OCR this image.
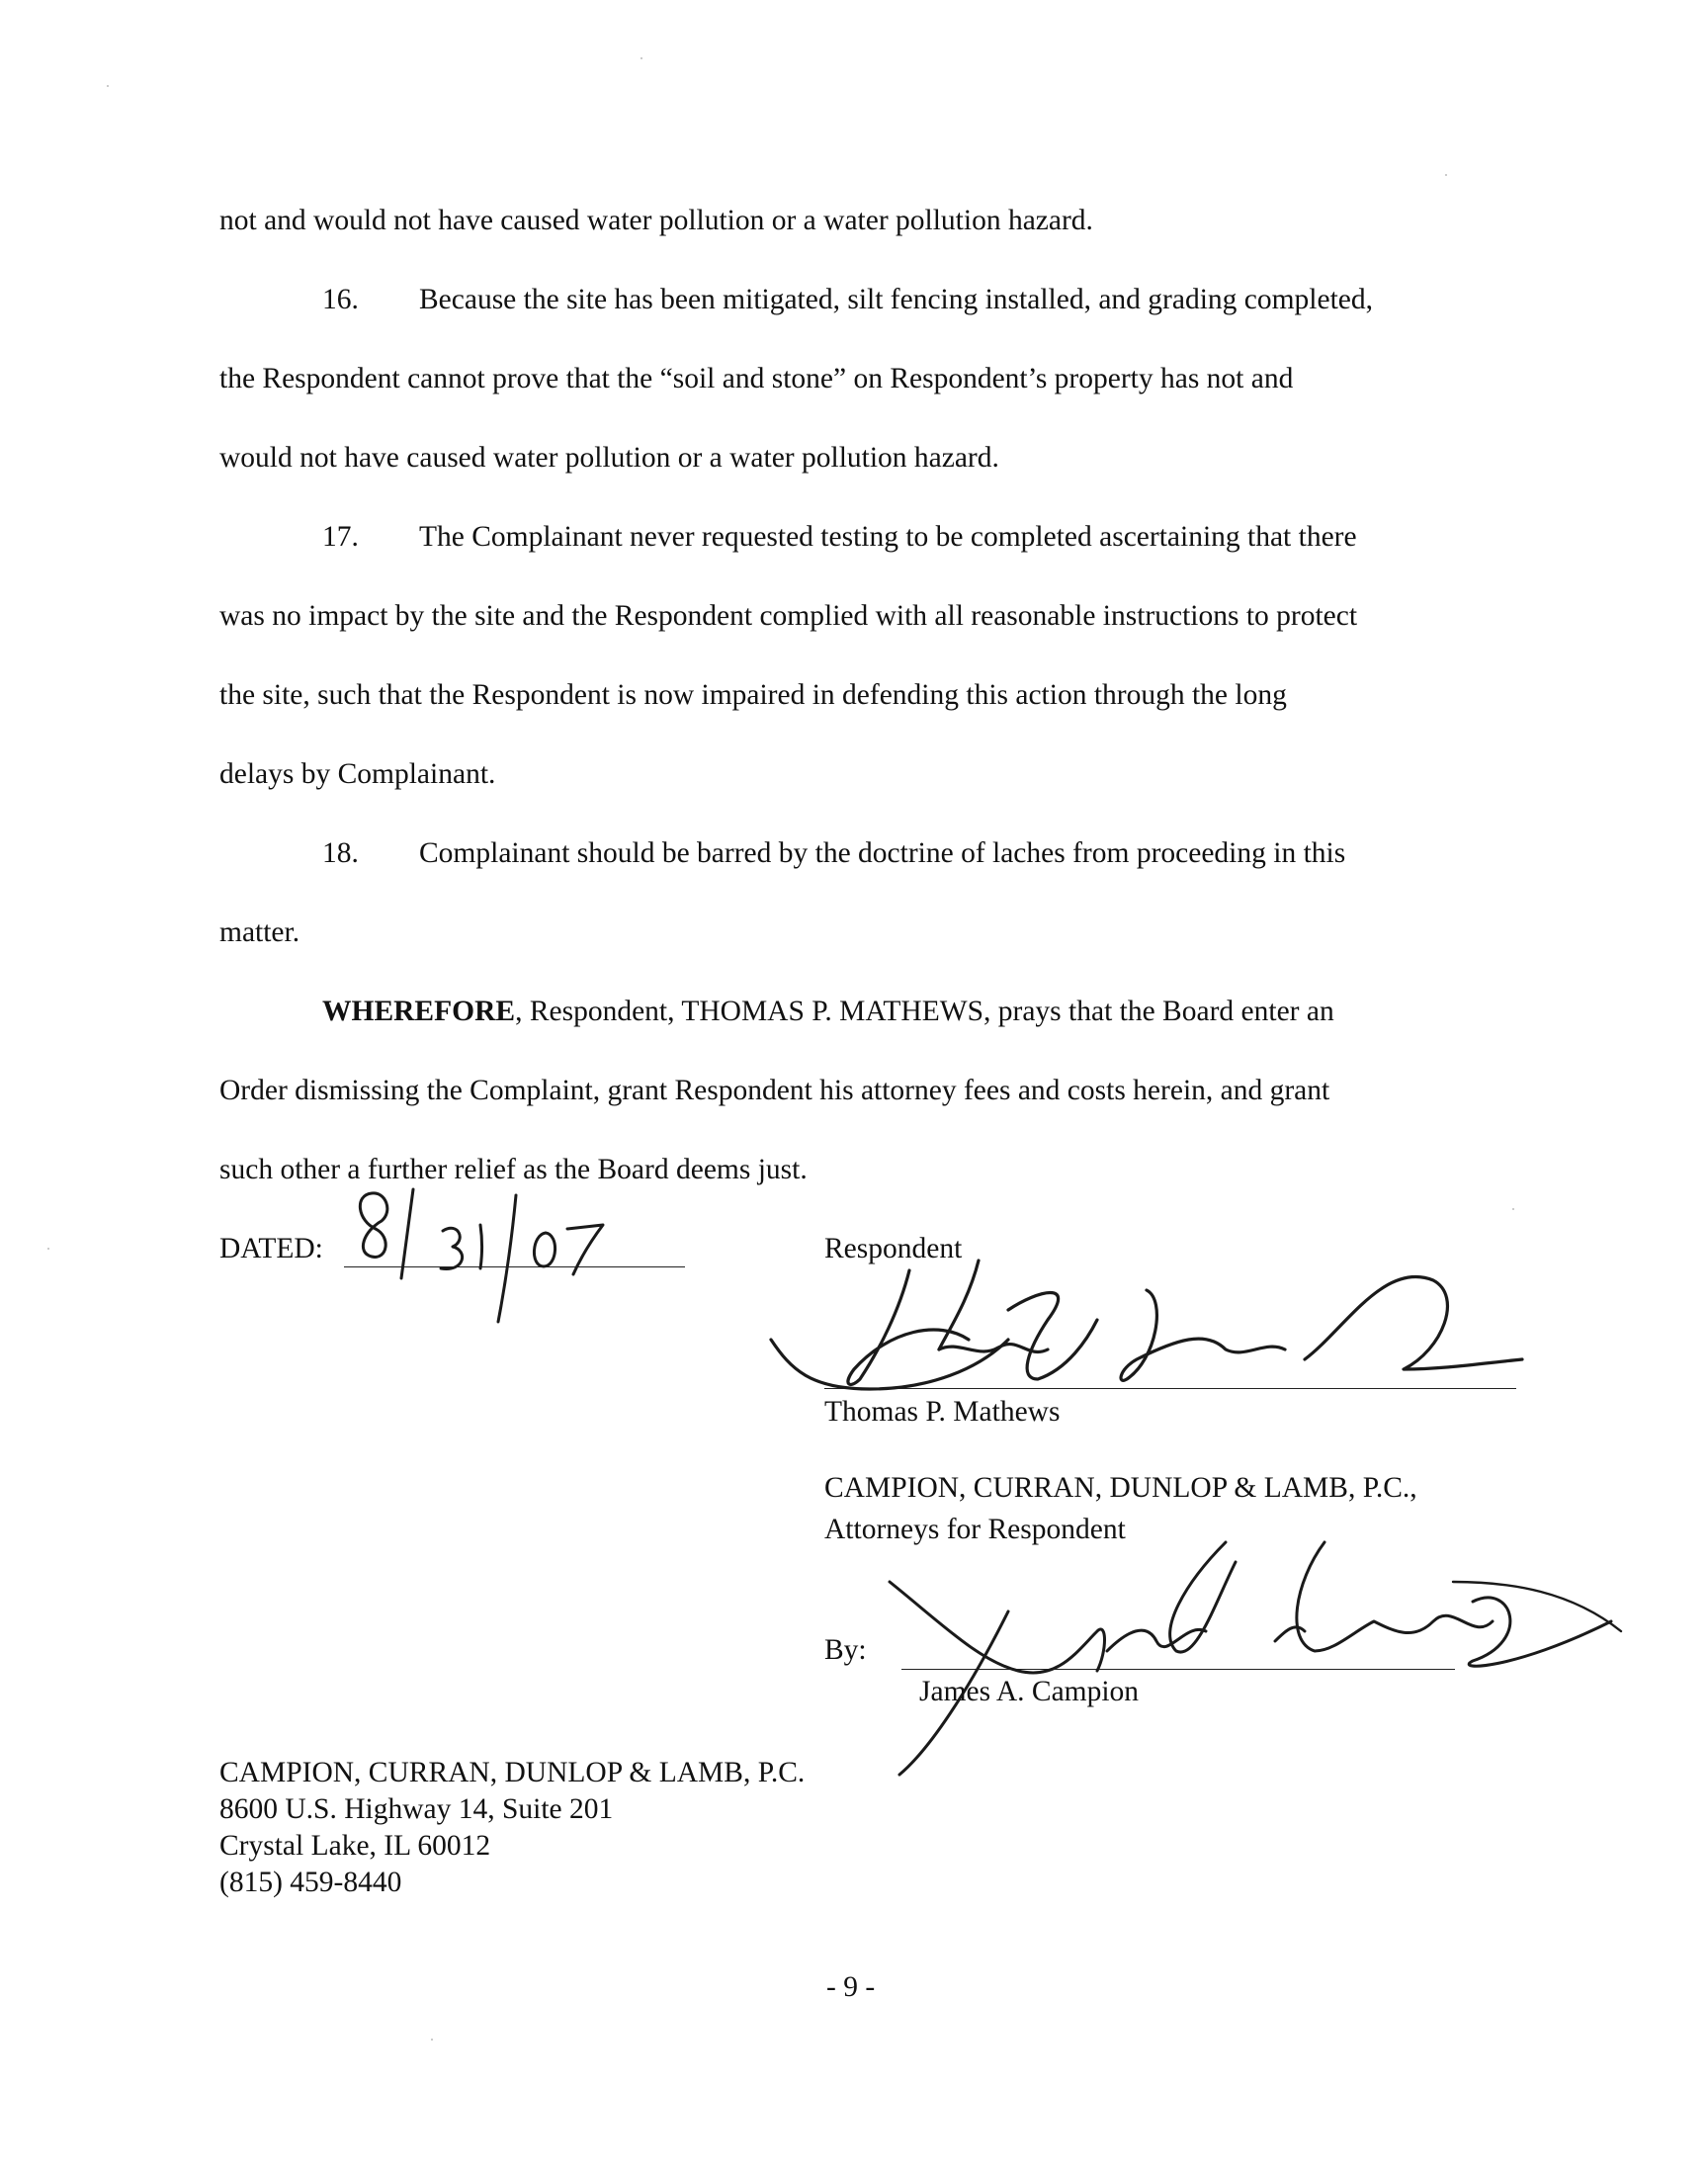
not and would not have caused water pollution or a water pollution hazard.
16. Because the site has been mitigated, silt fencing installed, and grading completed,
the Respondent cannot prove that the “soil and stone” on Respondent’s property has not and
would not have caused water pollution or a water pollution hazard.
17. The Complainant never requested testing to be completed ascertaining that there
was no impact by the site and the Respondent complied with all reasonable instructions to protect
the site, such that the Respondent is now impaired in defending this action through the long
delays by Complainant.
18. Complainant should be barred by the doctrine of laches from proceeding in this
matter.
WHEREFORE, Respondent, THOMAS P. MATHEWS, prays that the Board enter an
Order dismissing the Complaint, grant Respondent his attorney fees and costs herein, and grant
such other a further relief as the Board deems just.
DATED:	Respondent
Thomas P. Mathews
CAMPION, CURRAN, DUNLOP & LAMB, P.C.,
Attorneys for Respondent
By:
James A. Campion
CAMPION, CURRAN, DUNLOP & LAMB, P.C.
8600 U.S. Highway 14, Suite 201
Crystal Lake, IL 60012
(815) 459-8440
- 9 -
